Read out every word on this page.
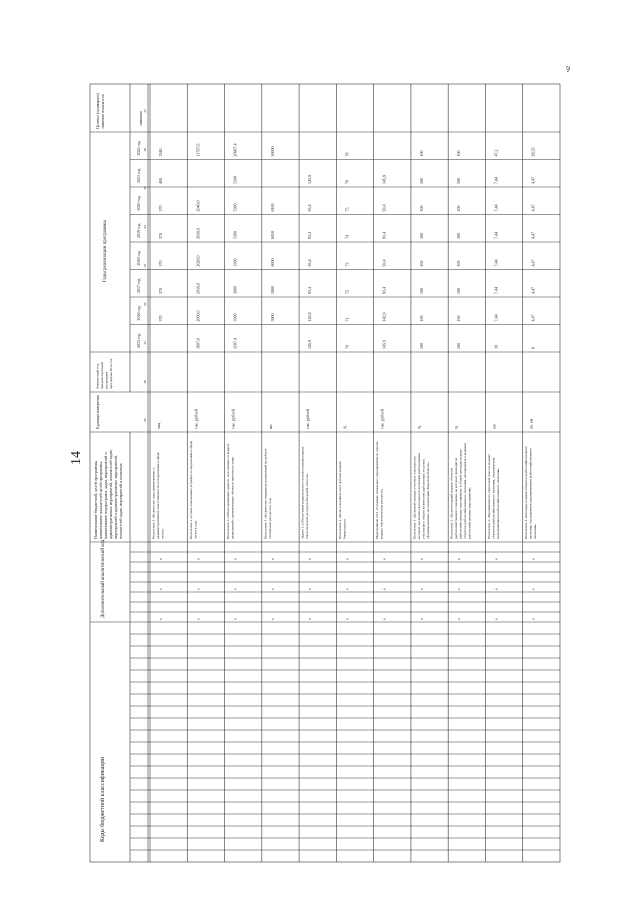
14
ч2
Коды бюджетной классификации
Дополнительный аналитический код
Наименование бюджетной, целей программы, наименование показателей целей программы, наименование подпрограмм, задач, мероприятий и административных мероприятий, показателей задач, мероприятий и административных мероприятий, показателей задач, мероприятий и плановых
Единица измерения
Финансовый год, предшествующий реализации программы 2014 год
Годы реализации программы
Целевое (суммарное) значение показателя	значение
2015 год
2016 год
2017 год
2018 год
2019 год
2020 год
2021 год
2022 год
29
30
31
32
33
34
35
36
37
Показатель 1 «Количество лиц, привлеченных к административной ответственности за нарушения в сфере охоты»
лиц
370
370
370
370
370
400
3340
0
0
0
Показатель 2 «Сумма взысканных штрафов за нарушения в сфере охоты в год»
тыс. рублей
1607,0
2000,0
2010,0
2020,0
2030,0
2040,0
11707,0
0
0
0
Показатель 3 «Объем денежных средств, полученных за выдачу разрешений», привлеченных объектов животного мира
тыс. рублей
1187,4
3300
3000
3300
5300
5300
5300
20907,4
0
0
0
Показатель 4 «Количество выданных разрешений на добычу охотничьих ресурсов в год»
шт
5900
5900
6000
6050
6100
30000
0
0
0
Задача 2 «Обеспечение рационального использования водных биологических ресурсов Тверской области»
тыс. рублей
145,9
142,9
93,4
93,4
93,4
93,4
145,9
0
0
0
Показатель 1 «Доля освоенных квот добычи водных биоресурсов»
%
70
71
72
73
74
75
76
76
0
0
0
Мероприятие 2.01 «Создание земельного мероприятия по охране водных биологических ресурсов»
тыс. рублей
145,9
142,9
93,4
93,4
93,4
93,4
145,9
0
0
0
Показатель 1 «Доля рыболовных участков, в результате которых заключены договоры пользования рыболовными участками в общем количестве рыболовных участков, сформированных на территории Тверской области»
%
100
100
100
100
100
100
100
100
0
0
0
Показатель 2 «Доля площадей водных объектов рыбохозяйственного значения, на которых проводятся рыбохозяйственные мероприятия, в общей площади водных объектов рыбохозяйственного значения, находящихся в ведении рыбохозяйственных мероприятий»
%
100
100
100
100
100
100
100
100
0
0
0
Показатель 3 «Протяженность береговой полосы водных объектов рыбохозяйственного значения, охватываемая мероприятиями рыбохозяйственного значения»
км
10
7,44
7,44
7,44
7,44
7,44
7,44
47,2
0
0
0
Показатель 4 «Площадь водных объектов рыбохозяйственного значения, охватываемая мероприятиями рыбохозяйственного значения»
кв. км
6
4,47
4,47
4,47
4,47
4,47
4,47
28,35
0
0
0
